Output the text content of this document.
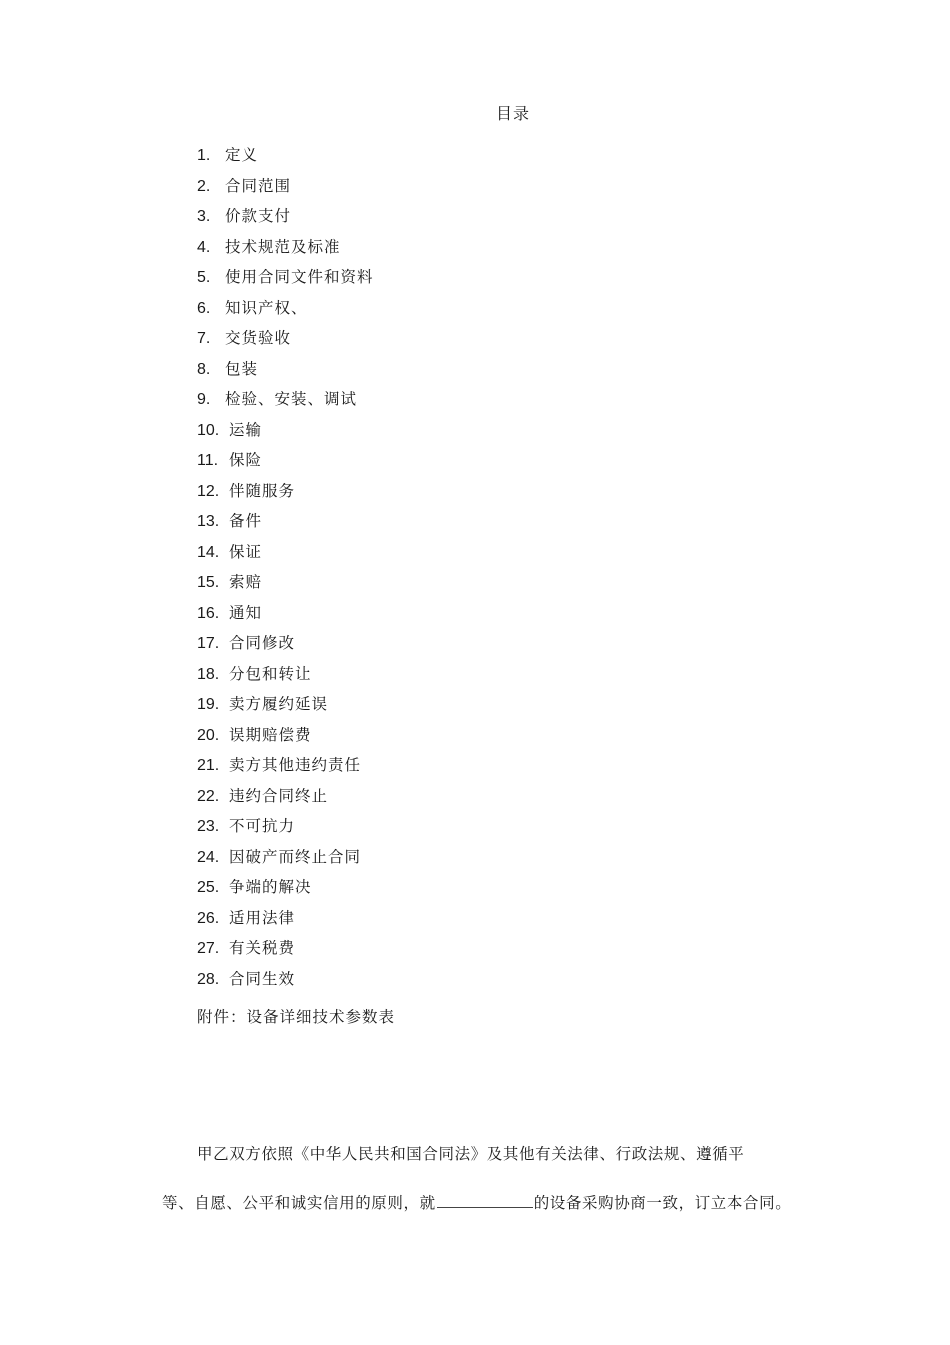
目录
1. 定义
2. 合同范围
3. 价款支付
4. 技术规范及标准
5. 使用合同文件和资料
6. 知识产权、
7. 交货验收
8. 包装
9. 检验、安装、调试
10. 运输
11. 保险
12. 伴随服务
13. 备件
14. 保证
15. 索赔
16. 通知
17. 合同修改
18. 分包和转让
19. 卖方履约延误
20. 误期赔偿费
21. 卖方其他违约责任
22. 违约合同终止
23. 不可抗力
24. 因破产而终止合同
25. 争端的解决
26. 适用法律
27. 有关税费
28. 合同生效
附件：设备详细技术参数表
甲乙双方依照《中华人民共和国合同法》及其他有关法律、行政法规、遵循平
等、自愿、公平和诚实信用的原则，就	的设备采购协商一致，订立本合同。
